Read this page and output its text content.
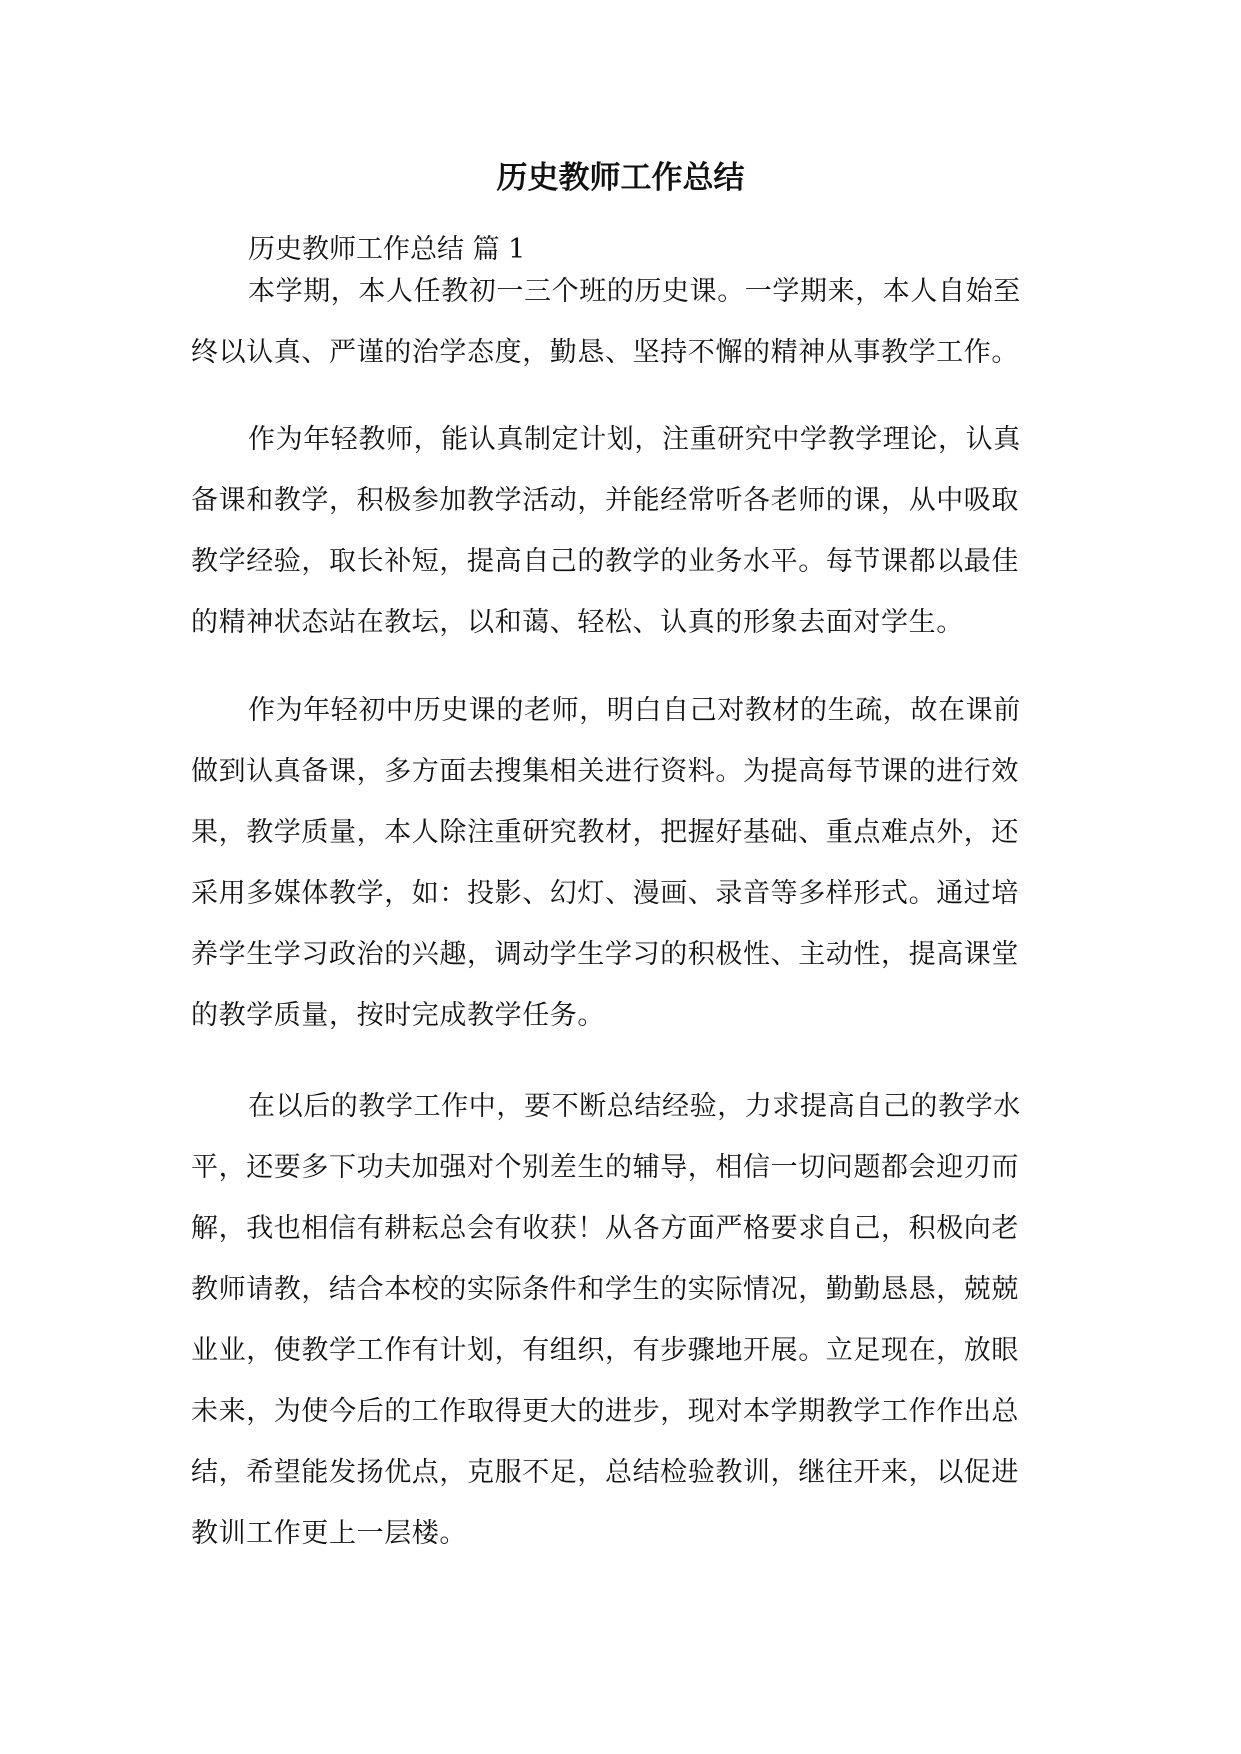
历史教师工作总结

历史教师工作总结 篇 1

本学期，本人任教初一三个班的历史课。一学期来，本人自始至
终以认真、严谨的治学态度，勤恳、坚持不懈的精神从事教学工作。
作为年轻教师，能认真制定计划，注重研究中学教学理论，认真
备课和教学，积极参加教学活动，并能经常听各老师的课，从中吸取
教学经验，取长补短，提高自己的教学的业务水平。每节课都以最佳
的精神状态站在教坛，以和蔼、轻松、认真的形象去面对学生。
作为年轻初中历史课的老师，明白自己对教材的生疏，故在课前
做到认真备课，多方面去搜集相关进行资料。为提高每节课的进行效
果，教学质量，本人除注重研究教材，把握好基础、重点难点外，还
采用多媒体教学，如：投影、幻灯、漫画、录音等多样形式。通过培
养学生学习政治的兴趣，调动学生学习的积极性、主动性，提高课堂
的教学质量，按时完成教学任务。
在以后的教学工作中，要不断总结经验，力求提高自己的教学水
平，还要多下功夫加强对个别差生的辅导，相信一切问题都会迎刃而
解，我也相信有耕耘总会有收获！从各方面严格要求自己，积极向老
教师请教，结合本校的实际条件和学生的实际情况，勤勤恳恳，兢兢
业业，使教学工作有计划，有组织，有步骤地开展。立足现在，放眼
未来，为使今后的工作取得更大的进步，现对本学期教学工作作出总
结，希望能发扬优点，克服不足，总结检验教训，继往开来，以促进
教训工作更上一层楼。
